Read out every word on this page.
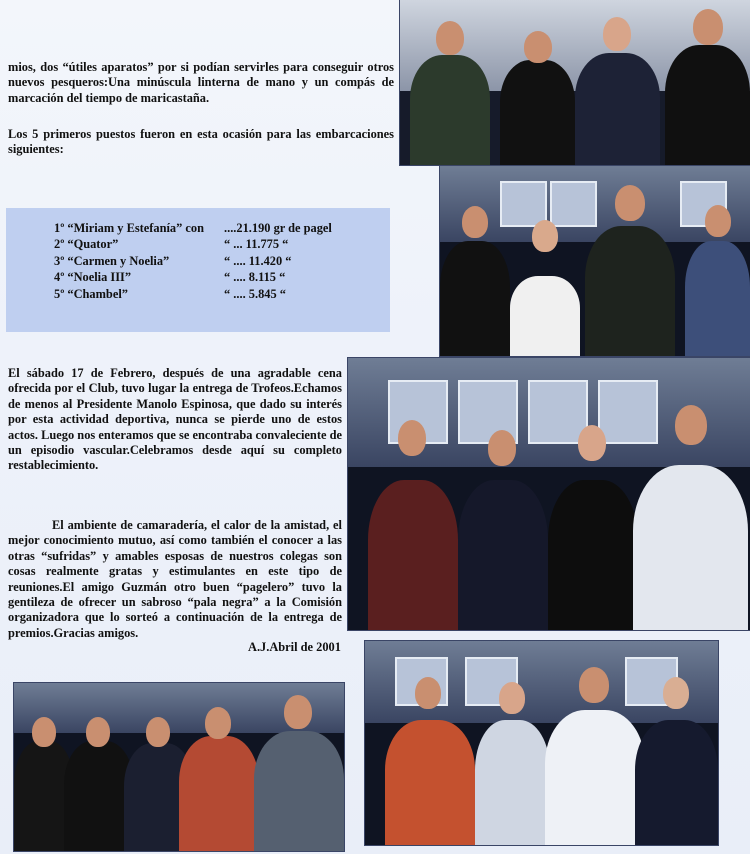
mios, dos “útiles aparatos” por si podían servirles para conseguir otros nuevos pesqueros:Una minúscula linterna de mano y un compás de marcación del tiempo de maricastaña.

Los 5 primeros puestos fueron en esta ocasión para las embarcaciones siguientes:

1º “Miriam y Estefanía” con	....21.190 gr de pagel
2º “Quator”	“ ... 11.775 “
3º “Carmen y Noelia”	“ .... 11.420 “
4º “Noelia III”	“ .... 8.115 “
5º “Chambel”	“ .... 5.845 “

El sábado 17 de Febrero, después de una agradable cena ofrecida por el Club, tuvo lugar la entrega de Trofeos.Echamos de menos al Presidente Manolo Espinosa, que dado su interés por esta actividad deportiva, nunca se pierde uno de estos actos. Luego nos enteramos que se encontraba convaleciente de un episodio vascular.Celebramos desde aquí su completo restablecimiento.

El ambiente de camaradería, el calor de la amistad, el mejor conocimiento mutuo, así como también el conocer a las otras “sufridas” y amables esposas de nuestros colegas son cosas realmente gratas y estimulantes en este tipo de reuniones.El amigo Guzmán otro buen “pagelero” tuvo la gentileza de ofrecer un sabroso “pala negra” a la Comisión organizadora que lo sorteó a continuación de la entrega de premios.Gracias amigos.

A.J.Abril de 2001
